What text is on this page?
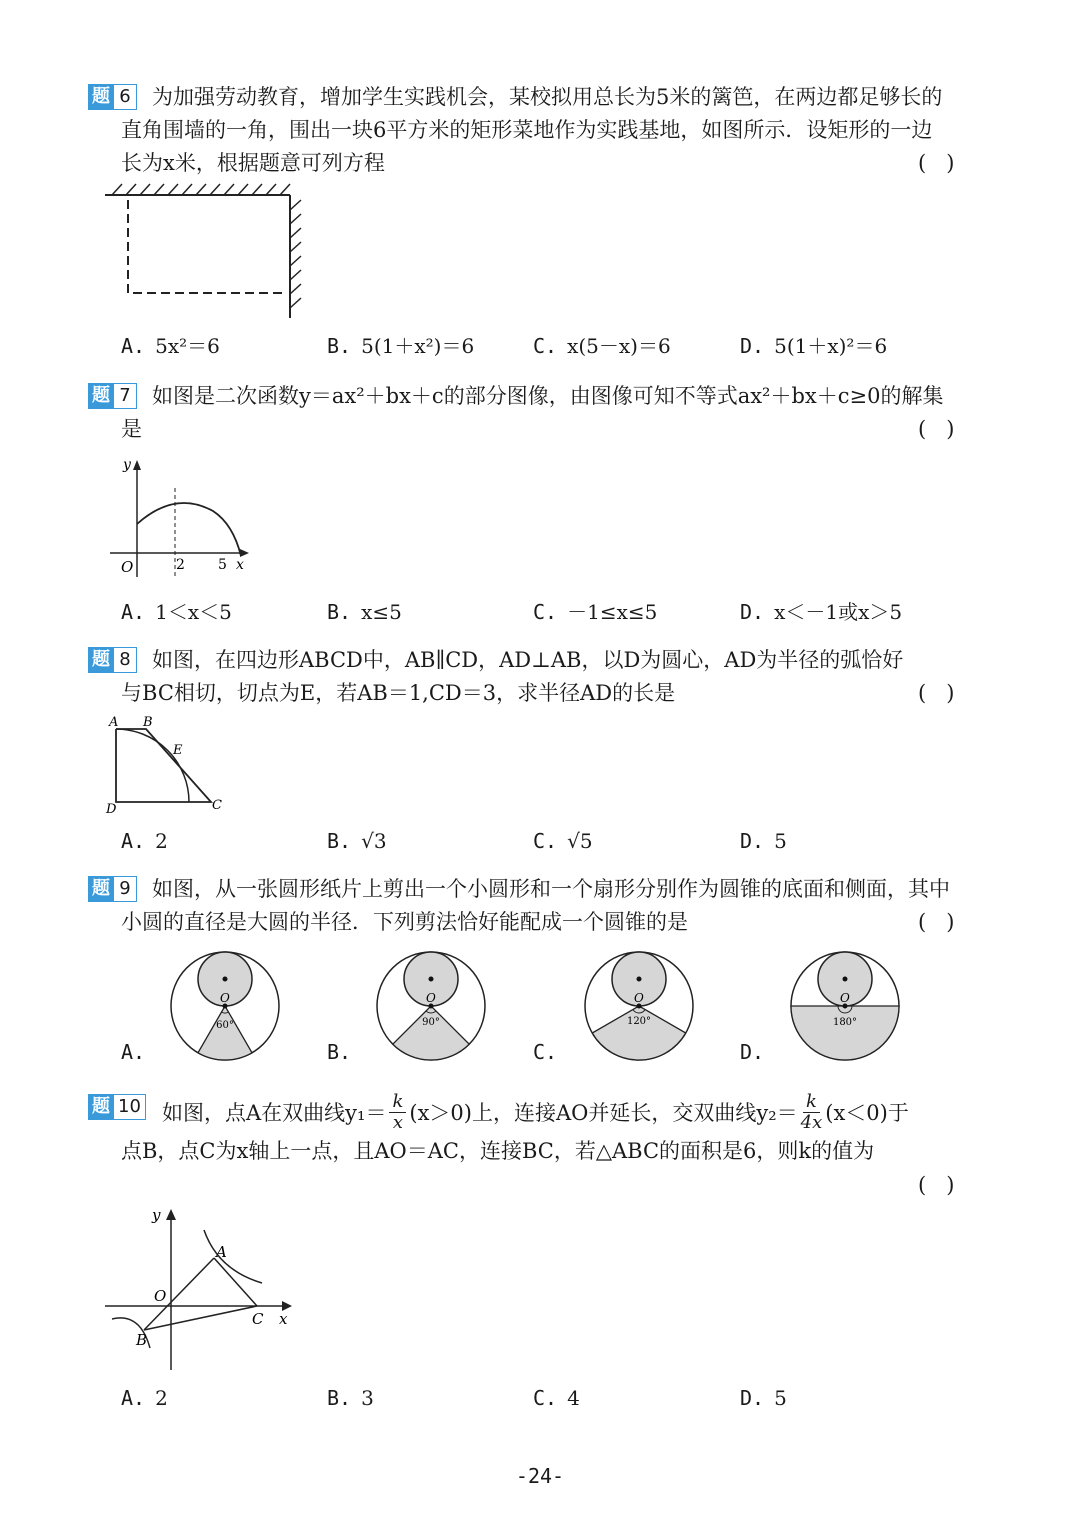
题 6 为加强劳动教育，增加学生实践机会，某校拟用总长为5米的篱笆，在两边都足够长的
直角围墙的一角，围出一块6平方米的矩形菜地作为实践基地，如图所示．设矩形的一边
长为x米，根据题意可列方程	(   )
A. 5x²＝6	B. 5(1＋x²)＝6	C. x(5－x)＝6	D. 5(1＋x)²＝6
题 7 如图是二次函数y＝ax²＋bx＋c的部分图像，由图像可知不等式ax²＋bx＋c≥0的解集
是	(   )
y
O	2 5 x
A. 1＜x＜5	B. x≤5	C. －1≤x≤5	D. x＜－1或x＞5
题 8 如图，在四边形ABCD中，AB∥CD，AD⊥AB，以D为圆心，AD为半径的弧恰好
与BC相切，切点为E，若AB＝1,CD＝3，求半径AD的长是	(   )
A B
E
D	C
A. 2	B. √3	C. √5	D. 5
题 9 如图，从一张圆形纸片上剪出一个小圆形和一个扇形分别作为圆锥的底面和侧面，其中
小圆的直径是大圆的半径．下列剪法恰好能配成一个圆锥的是	(   )
A.	B.	C.	D.
O
60°
O
90°
O
120°
O
180°
题 10 如图，点A在双曲线y₁＝ k
x (x＞0)上，连接AO并延长，交双曲线y₂＝ k
4x (x＜0)于
点B，点C为x轴上一点，且AO＝AC，连接BC，若△ABC的面积是6，则k的值为
(   )
y
A
O
C x
B
A. 2	B. 3	C. 4	D. 5
-24-
